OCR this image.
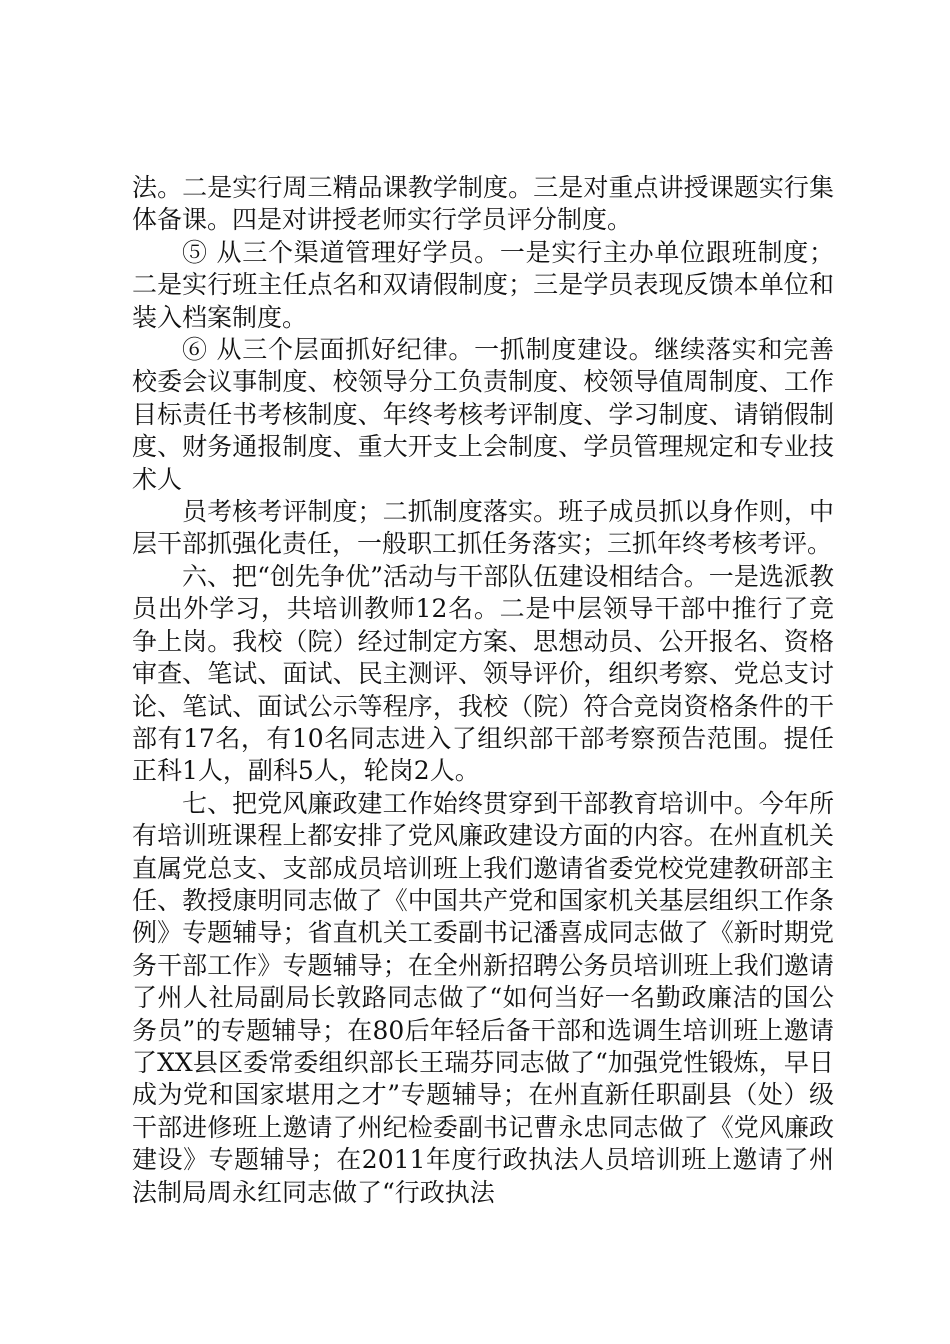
法。二是实行周三精品课教学制度。三是对重点讲授课题实行集体备课。四是对讲授老师实行学员评分制度。

⑤ 从三个渠道管理好学员。一是实行主办单位跟班制度；二是实行班主任点名和双请假制度；三是学员表现反馈本单位和装入档案制度。

⑥ 从三个层面抓好纪律。一抓制度建设。继续落实和完善校委会议事制度、校领导分工负责制度、校领导值周制度、工作目标责任书考核制度、年终考核考评制度、学习制度、请销假制度、财务通报制度、重大开支上会制度、学员管理规定和专业技术人

员考核考评制度；二抓制度落实。班子成员抓以身作则，中层干部抓强化责任，一般职工抓任务落实；三抓年终考核考评。

六、把“创先争优”活动与干部队伍建设相结合。一是选派教员出外学习，共培训教师12名。二是中层领导干部中推行了竞争上岗。我校（院）经过制定方案、思想动员、公开报名、资格审查、笔试、面试、民主测评、领导评价，组织考察、党总支讨论、笔试、面试公示等程序，我校（院）符合竞岗资格条件的干部有17名，有10名同志进入了组织部干部考察预告范围。提任正科1人，副科5人，轮岗2人。

七、把党风廉政建工作始终贯穿到干部教育培训中。今年所有培训班课程上都安排了党风廉政建设方面的内容。在州直机关直属党总支、支部成员培训班上我们邀请省委党校党建教研部主任、教授康明同志做了《中国共产党和国家机关基层组织工作条例》专题辅导；省直机关工委副书记潘喜成同志做了《新时期党务干部工作》专题辅导；在全州新招聘公务员培训班上我们邀请了州人社局副局长敦路同志做了“如何当好一名勤政廉洁的国公务员”的专题辅导；在80后年轻后备干部和选调生培训班上邀请了XX县区委常委组织部长王瑞芬同志做了“加强党性锻炼，早日成为党和国家堪用之才”专题辅导；在州直新任职副县（处）级干部进修班上邀请了州纪检委副书记曹永忠同志做了《党风廉政建设》专题辅导；在2011年度行政执法人员培训班上邀请了州法制局周永红同志做了“行政执法
